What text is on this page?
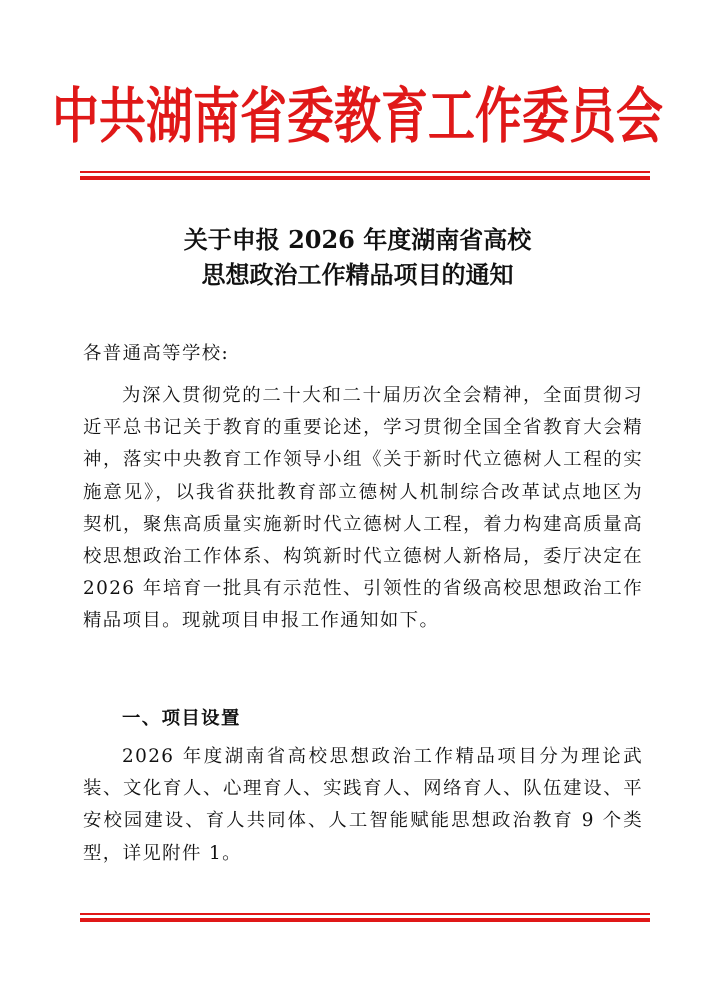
中共湖南省委教育工作委员会
关于申报 2026 年度湖南省高校
思想政治工作精品项目的通知
各普通高等学校:
为深入贯彻党的二十大和二十届历次全会精神，全面贯彻习近平总书记关于教育的重要论述，学习贯彻全国全省教育大会精神，落实中央教育工作领导小组《关于新时代立德树人工程的实施意见》，以我省获批教育部立德树人机制综合改革试点地区为契机，聚焦高质量实施新时代立德树人工程，着力构建高质量高校思想政治工作体系、构筑新时代立德树人新格局，委厅决定在 2026 年培育一批具有示范性、引领性的省级高校思想政治工作精品项目。现就项目申报工作通知如下。
一、项目设置
2026 年度湖南省高校思想政治工作精品项目分为理论武装、文化育人、心理育人、实践育人、网络育人、队伍建设、平安校园建设、育人共同体、人工智能赋能思想政治教育 9 个类型，详见附件 1。
